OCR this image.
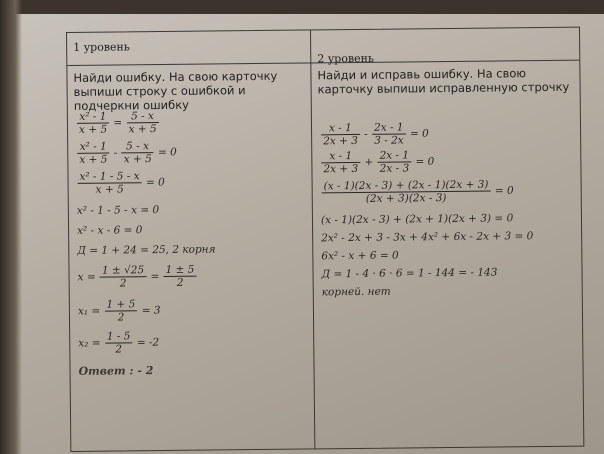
1 уровень
Найди ошибку. На свою карточку выпиши строку с ошибкой и подчеркни ошибку
$\frac{\text{x² - 1}}{x + 5} = \frac{5 - x}{x + 5}$
$\frac{\text{x² - 1}}{x + 5} - \frac{5 - x}{x + 5} = 0$
$\frac{\text{x² - 1 - 5 - x}}{x + 5} = 0$
x² - 1 - 5 - x = 0
x² - x - 6 = 0
Д = 1 + 24 = 25, 2 корня
$x = \frac{1 \pm √25}{2} = \frac{1 \pm 5}{2}$
$x_1 = \frac{1 + 5}{2} = 3$
$x_2 = \frac{1 - 5}{2} = -2$
Ответ : - 2
2 уровень
Найди и исправь ошибку. На свою карточку выпиши исправленную строчку
$\frac{x - 1}{2x + 3} - \frac{2x - 1}{3 - 2x} = 0$
$\frac{x - 1}{2x + 3} + \frac{2x - 1}{2x - 3} = 0$
$\frac{(x - 1)(2x - 3) + (2x - 1)(2x + 3)}{(2x + 3)(2x - 3)} = 0$
(x - 1)(2x - 3) + (2x + 1)(2x + 3) = 0
2x² - 2x + 3 - 3x + 4x² + 6x - 2x + 3 = 0
6x² - x + 6 = 0
Д = 1 - 4 · 6 · 6 = 1 - 144 = - 143
корней. нет
